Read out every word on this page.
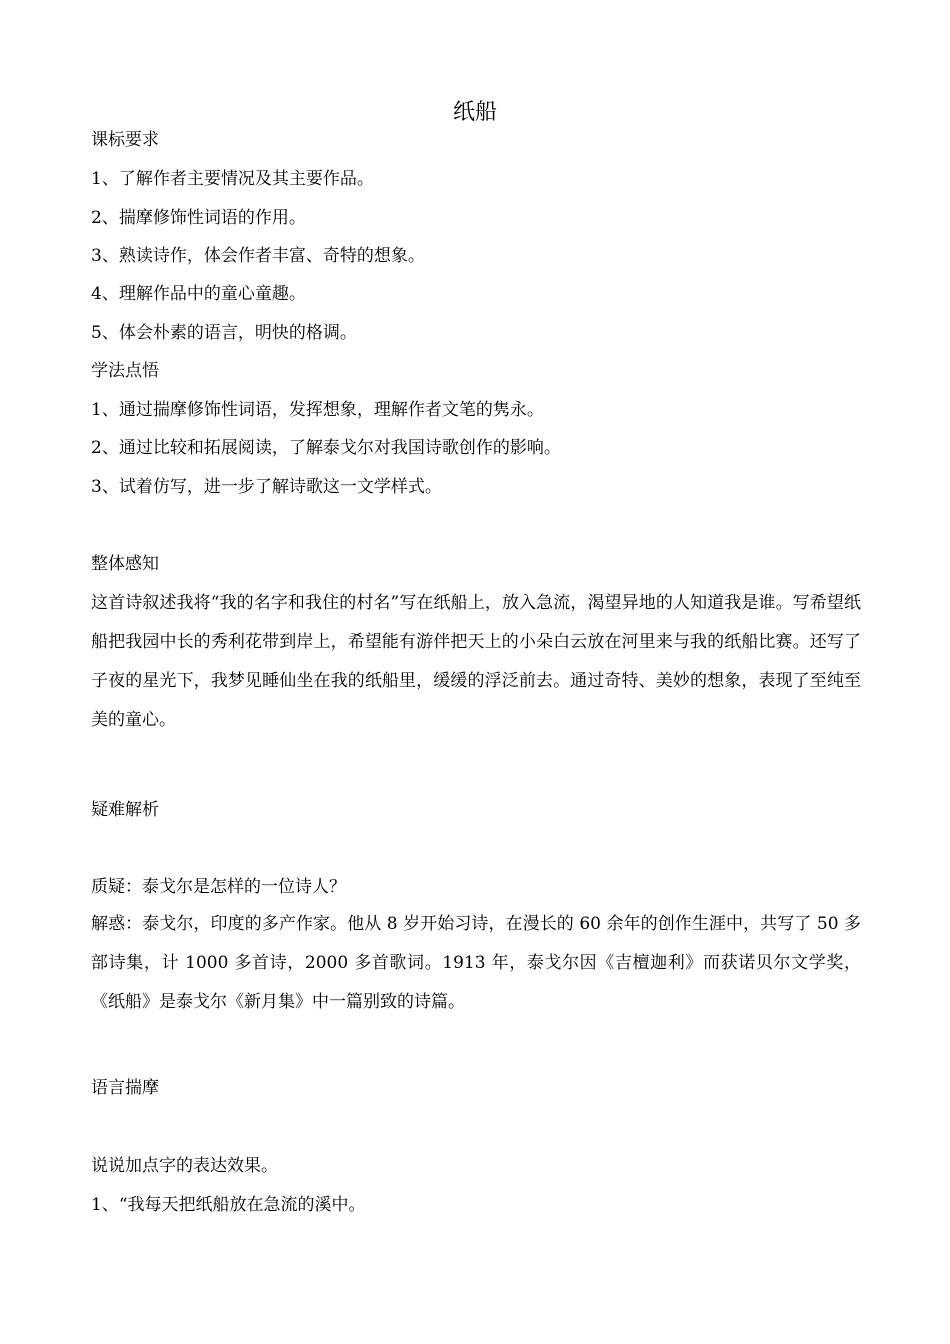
纸船
课标要求
1、了解作者主要情况及其主要作品。
2、揣摩修饰性词语的作用。
3、熟读诗作，体会作者丰富、奇特的想象。
4、理解作品中的童心童趣。
5、体会朴素的语言，明快的格调。
学法点悟
1、通过揣摩修饰性词语，发挥想象，理解作者文笔的隽永。
2、通过比较和拓展阅读，了解泰戈尔对我国诗歌创作的影响。
3、试着仿写，进一步了解诗歌这一文学样式。
整体感知
这首诗叙述我将“我的名字和我住的村名”写在纸船上，放入急流，渴望异地的人知道我是谁。写希望纸船把我园中长的秀利花带到岸上，希望能有游伴把天上的小朵白云放在河里来与我的纸船比赛。还写了子夜的星光下，我梦见睡仙坐在我的纸船里，缓缓的浮泛前去。通过奇特、美妙的想象，表现了至纯至美的童心。
疑难解析
质疑：泰戈尔是怎样的一位诗人？
解惑：泰戈尔，印度的多产作家。他从 8 岁开始习诗，在漫长的 60 余年的创作生涯中，共写了 50 多部诗集，计 1000 多首诗，2000 多首歌词。1913 年，泰戈尔因《吉檀迦利》而获诺贝尔文学奖，《纸船》是泰戈尔《新月集》中一篇别致的诗篇。
语言揣摩
说说加点字的表达效果。
1、“我每天把纸船放在急流的溪中。
